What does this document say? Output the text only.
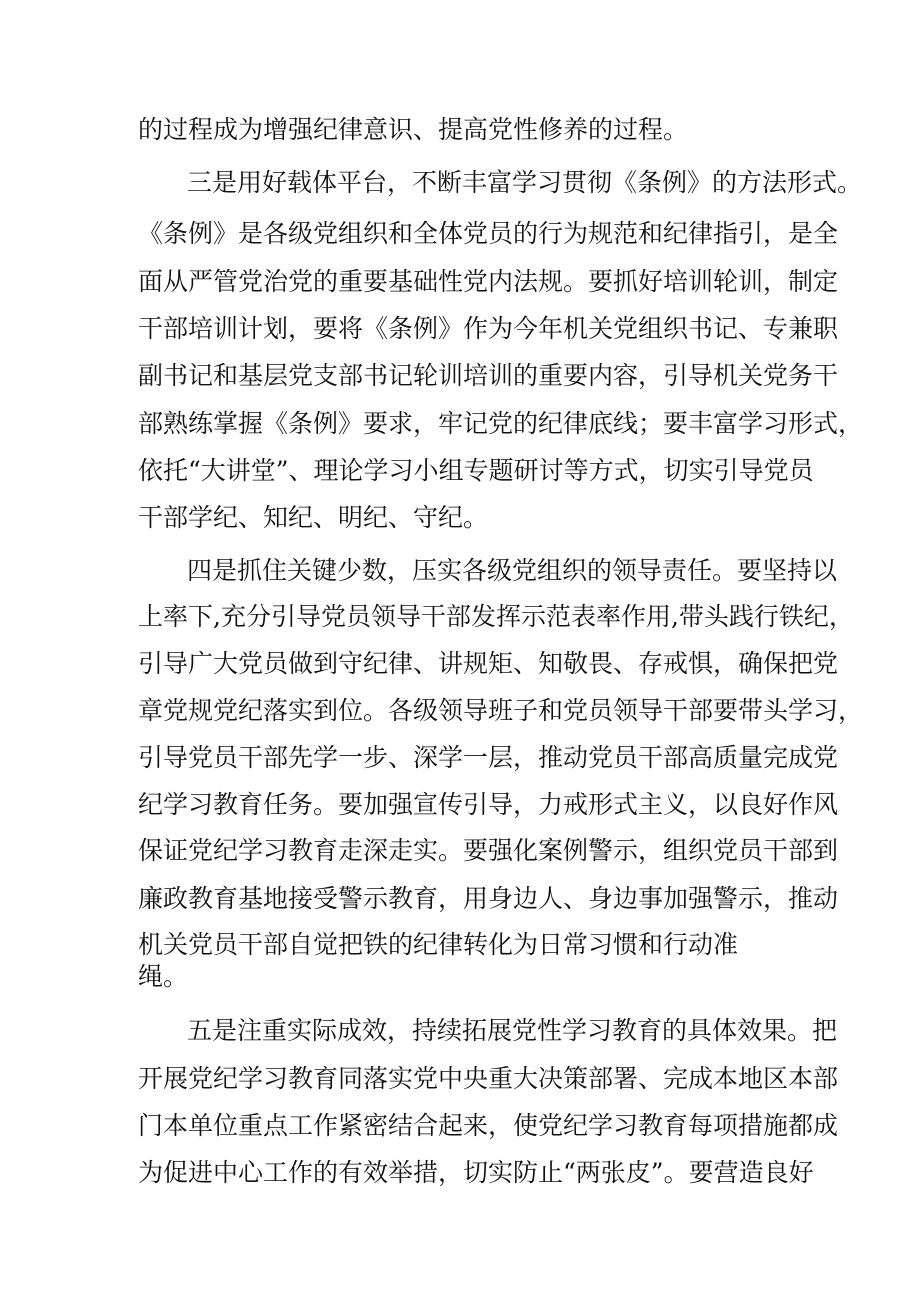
的过程成为增强纪律意识、提高党性修养的过程。
三是用好载体平台，不断丰富学习贯彻《条例》的方法形式。
《条例》是各级党组织和全体党员的行为规范和纪律指引，是全
面从严管党治党的重要基础性党内法规。要抓好培训轮训，制定
干部培训计划，要将《条例》作为今年机关党组织书记、专兼职
副书记和基层党支部书记轮训培训的重要内容，引导机关党务干
部熟练掌握《条例》要求，牢记党的纪律底线；要丰富学习形式，
依托“大讲堂”、理论学习小组专题研讨等方式，切实引导党员
干部学纪、知纪、明纪、守纪。
四是抓住关键少数，压实各级党组织的领导责任。要坚持以
上率下,充分引导党员领导干部发挥示范表率作用,带头践行铁纪，
引导广大党员做到守纪律、讲规矩、知敬畏、存戒惧，确保把党
章党规党纪落实到位。各级领导班子和党员领导干部要带头学习，
引导党员干部先学一步、深学一层，推动党员干部高质量完成党
纪学习教育任务。要加强宣传引导，力戒形式主义，以良好作风
保证党纪学习教育走深走实。要强化案例警示，组织党员干部到
廉政教育基地接受警示教育，用身边人、身边事加强警示，推动
机关党员干部自觉把铁的纪律转化为日常习惯和行动准
绳。
五是注重实际成效，持续拓展党性学习教育的具体效果。把
开展党纪学习教育同落实党中央重大决策部署、完成本地区本部
门本单位重点工作紧密结合起来，使党纪学习教育每项措施都成
为促进中心工作的有效举措，切实防止“两张皮”。要营造良好
